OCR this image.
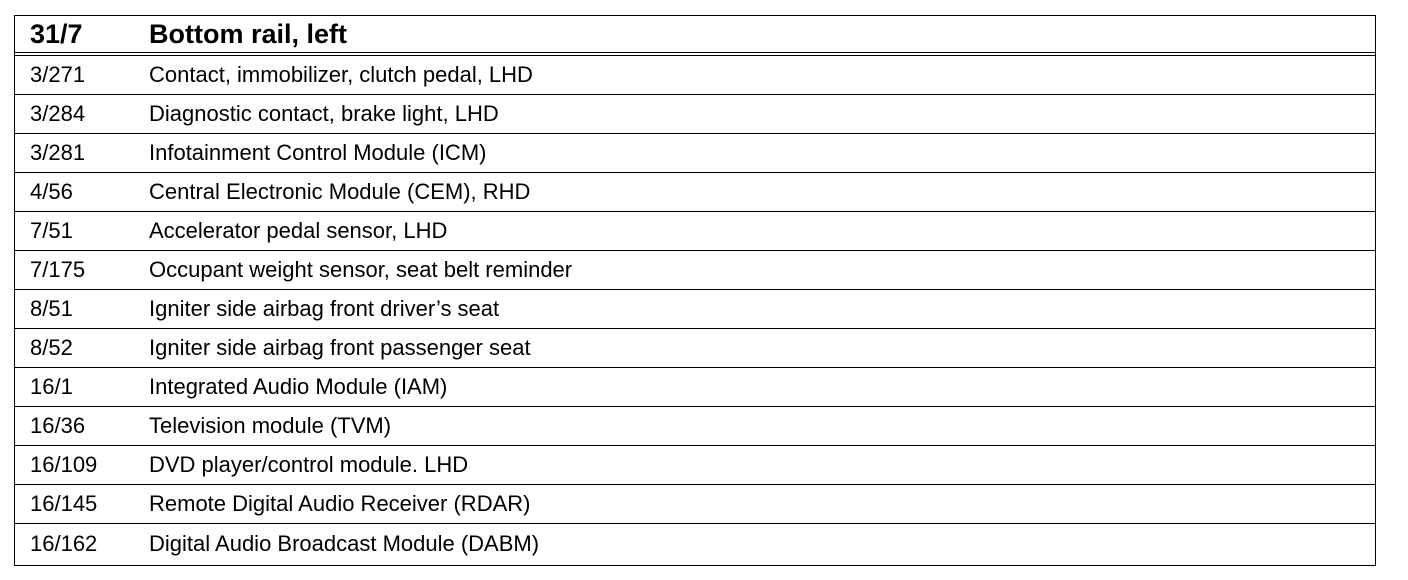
31/7	Bottom rail, left
3/271	Contact, immobilizer, clutch pedal, LHD
3/284	Diagnostic contact, brake light, LHD
3/281	Infotainment Control Module (ICM)
4/56	Central Electronic Module (CEM), RHD
7/51	Accelerator pedal sensor, LHD
7/175	Occupant weight sensor, seat belt reminder
8/51	Igniter side airbag front driver’s seat
8/52	Igniter side airbag front passenger seat
16/1	Integrated Audio Module (IAM)
16/36	Television module (TVM)
16/109	DVD player/control module. LHD
16/145	Remote Digital Audio Receiver (RDAR)
16/162	Digital Audio Broadcast Module (DABM)
